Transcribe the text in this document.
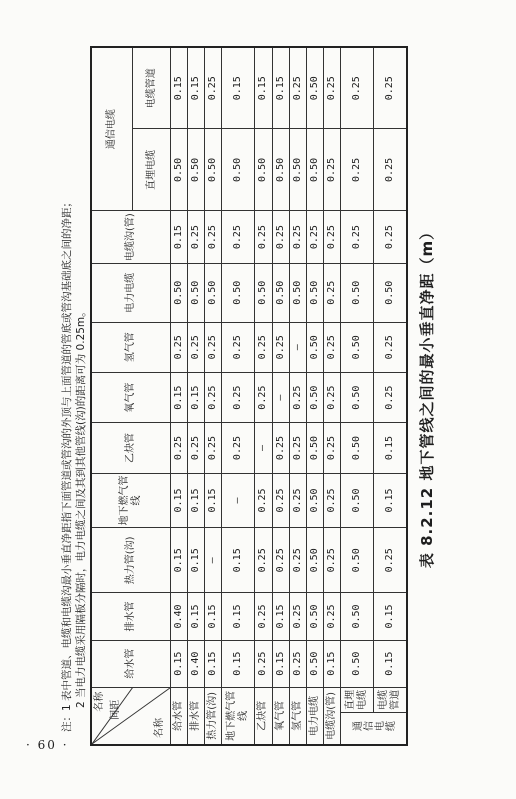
· 60 ·
表 8.2.12 地下管线之间的最小垂直净距（m）
名称 间距
名称		给水管	排水管	热力管(沟)	地下燃气管线	乙炔管	氧气管	氢气管	电力电缆	电缆沟(管)	通信电缆	
											直埋电缆	电缆管道
给水管		0.15	0.40	0.15	0.15	0.25	0.15	0.25	0.50	0.15	0.50	0.15
排水管		0.40	0.15	0.15	0.15	0.25	0.15	0.25	0.50	0.25	0.50	0.15
热力管(沟)		0.15	0.15	—	0.15	0.25	0.25	0.25	0.50	0.25	0.50	0.25
地下燃气管线		0.15	0.15	0.15	—	0.25	0.25	0.25	0.50	0.25	0.50	0.15
乙炔管		0.25	0.25	0.25	0.25	—	0.25	0.25	0.50	0.25	0.50	0.15
氧气管		0.15	0.15	0.25	0.25	0.25	—	0.25	0.50	0.25	0.50	0.15
氢气管		0.25	0.25	0.25	0.25	0.25	0.25	—	0.50	0.25	0.50	0.25
电力电缆		0.50	0.50	0.50	0.50	0.50	0.50	0.50	0.50	0.25	0.50	0.50
电缆沟(管)		0.15	0.25	0.25	0.25	0.25	0.25	0.25	0.25	0.25	0.25	0.25

通信电缆	直埋电缆	0.50	0.50	0.50	0.50	0.50	0.50	0.50	0.50	0.25	0.25	0.25
	电缆管道	0.15	0.15	0.25	0.15	0.15	0.25	0.25	0.50	0.25	0.25	0.25
注：1 表中管道、电缆和电缆沟最小垂直净距指下面管道或管沟的外顶与上面管道的管底或管沟基础底之间的净距； 2 当电力电缆采用隔板分隔时，电力电缆之间及其到其他管线(沟)的距离可为 0.25m。
